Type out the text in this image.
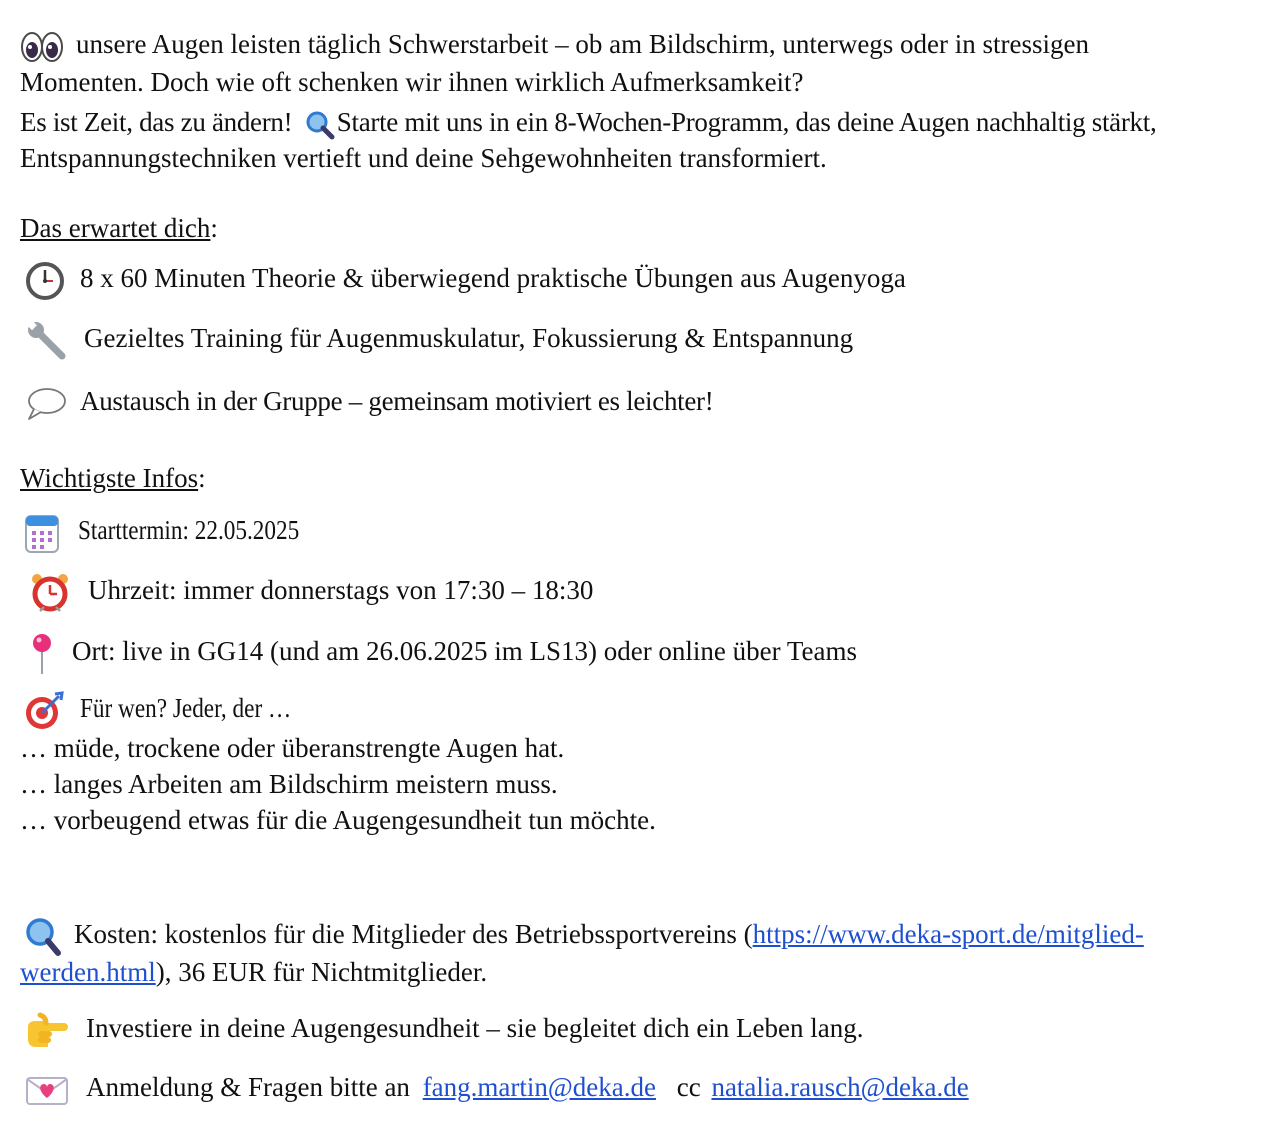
unsere Augen leisten täglich Schwerstarbeit – ob am Bildschirm, unterwegs oder in stressigen
Momenten. Doch wie oft schenken wir ihnen wirklich Aufmerksamkeit?
Es ist Zeit, das zu ändern! Starte mit uns in ein 8-Wochen-Programm, das deine Augen nachhaltig stärkt,
Entspannungstechniken vertieft und deine Sehgewohnheiten transformiert.
Das erwartet dich:
8 x 60 Minuten Theorie & überwiegend praktische Übungen aus Augenyoga
Gezieltes Training für Augenmuskulatur, Fokussierung & Entspannung
Austausch in der Gruppe – gemeinsam motiviert es leichter!
Wichtigste Infos:
Starttermin: 22.05.2025
Uhrzeit: immer donnerstags von 17:30 – 18:30
Ort: live in GG14 (und am 26.06.2025 im LS13) oder online über Teams
Für wen? Jeder, der …
… müde, trockene oder überanstrengte Augen hat.
… langes Arbeiten am Bildschirm meistern muss.
… vorbeugend etwas für die Augengesundheit tun möchte.
Kosten: kostenlos für die Mitglieder des Betriebssportvereins (https://www.deka-sport.de/mitglied-
werden.html), 36 EUR für Nichtmitglieder.
Investiere in deine Augengesundheit – sie begleitet dich ein Leben lang.
Anmeldung & Fragen bitte an fang.martin@deka.de cc natalia.rausch@deka.de
